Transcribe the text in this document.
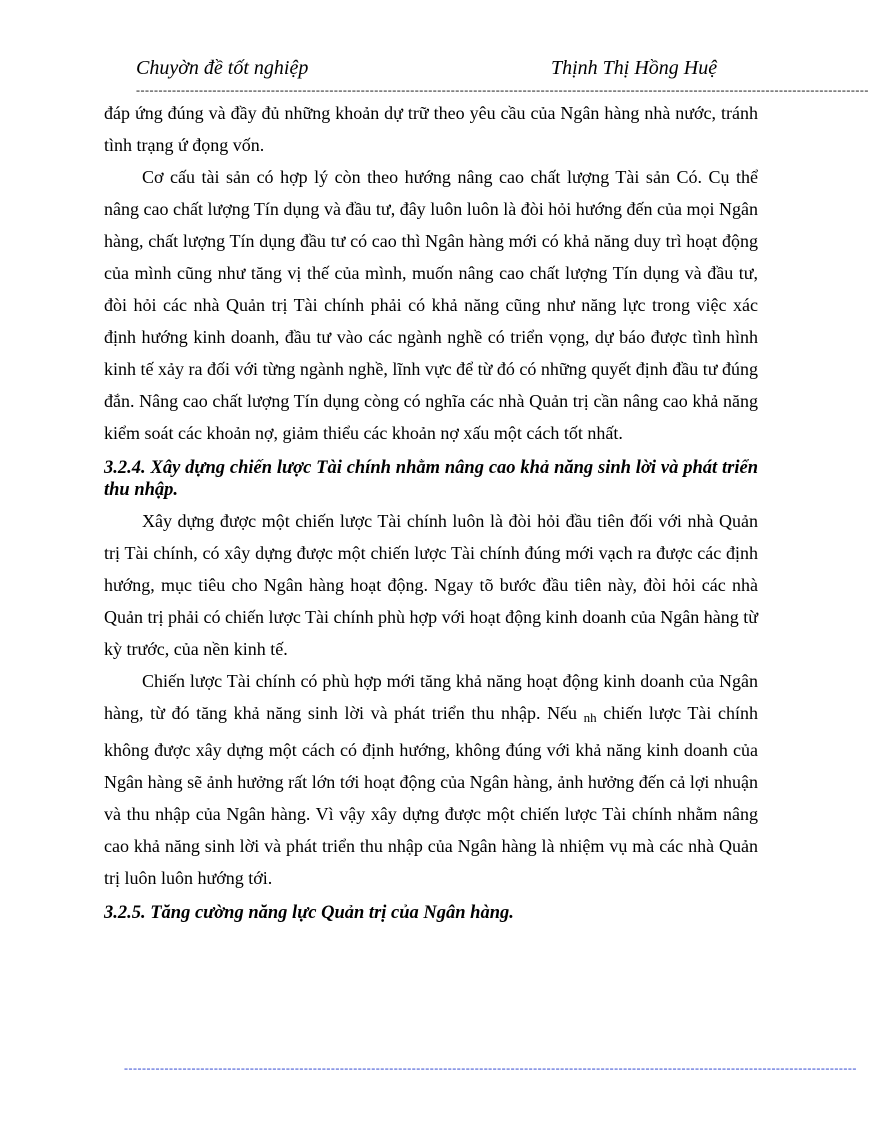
Chuyờn đề tốt nghiệp	Thịnh Thị Hồng Huệ
-------------------------------------------------------------------------------------------------------------------------------------------------------------------

đáp ứng đúng và đầy đủ những khoản dự trữ theo yêu cầu của Ngân hàng nhà nước, tránh tình trạng ứ đọng vốn.

Cơ cấu tài sản có hợp lý còn theo hướng nâng cao chất lượng Tài sản Có. Cụ thể nâng cao chất lượng Tín dụng và đầu tư, đây luôn luôn là đòi hỏi hướng đến của mọi Ngân hàng, chất lượng Tín dụng đầu tư có cao thì Ngân hàng mới có khả năng duy trì hoạt động của mình cũng như tăng vị thế của mình, muốn nâng cao chất lượng Tín dụng và đầu tư, đòi hỏi các nhà Quản trị Tài chính phải có khả năng cũng như năng lực trong việc xác định hướng kinh doanh, đầu tư vào các ngành nghề có triển vọng, dự báo được tình hình kinh tế xảy ra đối với từng ngành nghề, lĩnh vực để từ đó có những quyết định đầu tư đúng đắn. Nâng cao chất lượng Tín dụng còng có nghĩa các nhà Quản trị cần nâng cao khả năng kiểm soát các khoản nợ, giảm thiểu các khoản nợ xấu một cách tốt nhất.

3.2.4. Xây dựng chiến lược Tài chính nhằm nâng cao khả năng sinh lời và phát triển thu nhập.

Xây dựng được một chiến lược Tài chính luôn là đòi hỏi đầu tiên đối với nhà Quản trị Tài chính, có xây dựng được một chiến lược Tài chính đúng mới vạch ra được các định hướng, mục tiêu cho Ngân hàng hoạt động. Ngay tõ bước đầu tiên này, đòi hỏi các nhà Quản trị phải có chiến lược Tài chính phù hợp với hoạt động kinh doanh của Ngân hàng từ kỳ trước, của nền kinh tế.

Chiến lược Tài chính có phù hợp mới tăng khả năng hoạt động kinh doanh của Ngân hàng, từ đó tăng khả năng sinh lời và phát triển thu nhập. Nếu nh chiến lược Tài chính không được xây dựng một cách có định hướng, không đúng với khả năng kinh doanh của Ngân hàng sẽ ảnh hưởng rất lớn tới hoạt động của Ngân hàng, ảnh hưởng đến cả lợi nhuận và thu nhập của Ngân hàng. Vì vậy xây dựng được một chiến lược Tài chính nhằm nâng cao khả năng sinh lời và phát triển thu nhập của Ngân hàng là nhiệm vụ mà các nhà Quản trị luôn luôn hướng tới.

3.2.5. Tăng cường năng lực Quản trị của Ngân hàng.
-------------------------------------------------------------------------------------------------------------------------------------------------------------------
